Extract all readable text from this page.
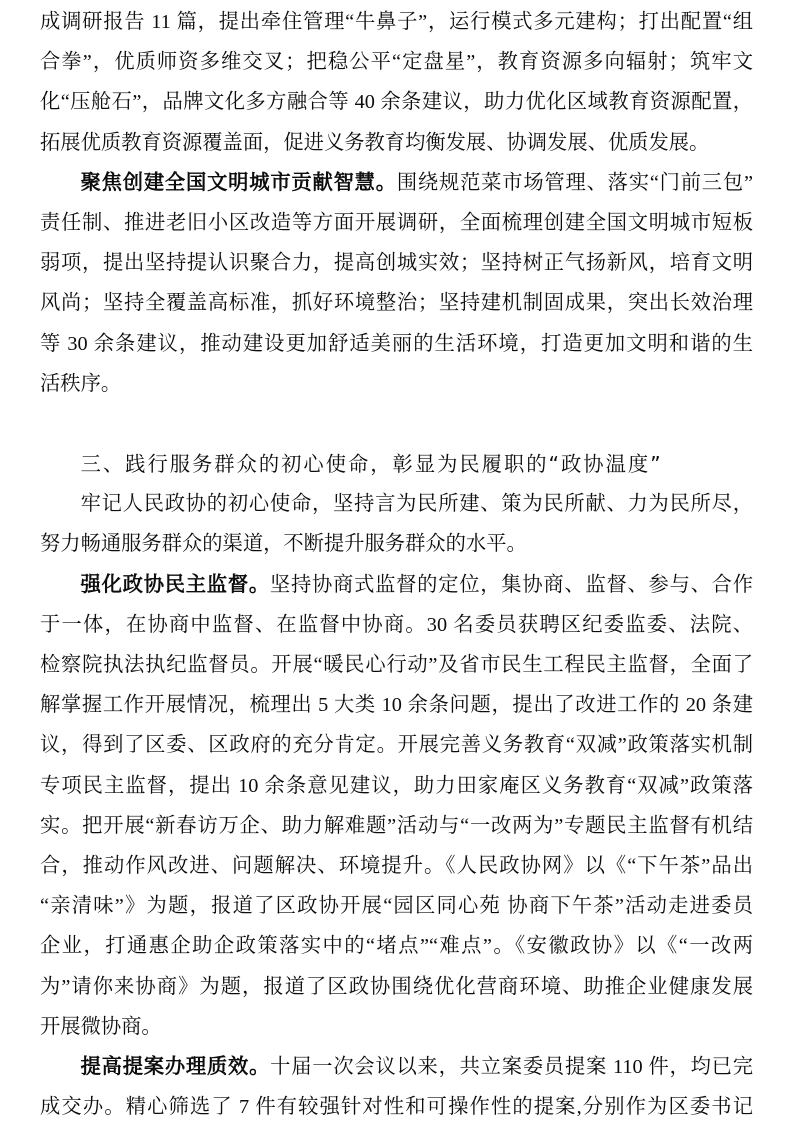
成调研报告 11 篇，提出牵住管理“牛鼻子”，运行模式多元建构；打出配置“组
合拳”，优质师资多维交叉；把稳公平“定盘星”，教育资源多向辐射；筑牢文
化“压舱石”，品牌文化多方融合等 40 余条建议，助力优化区域教育资源配置，
拓展优质教育资源覆盖面，促进义务教育均衡发展、协调发展、优质发展。
聚焦创建全国文明城市贡献智慧。围绕规范菜市场管理、落实“门前三包”
责任制、推进老旧小区改造等方面开展调研，全面梳理创建全国文明城市短板
弱项，提出坚持提认识聚合力，提高创城实效；坚持树正气扬新风，培育文明
风尚；坚持全覆盖高标准，抓好环境整治；坚持建机制固成果，突出长效治理
等 30 余条建议，推动建设更加舒适美丽的生活环境，打造更加文明和谐的生
活秩序。
三、践行服务群众的初心使命，彰显为民履职的“政协温度”
牢记人民政协的初心使命，坚持言为民所建、策为民所献、力为民所尽，
努力畅通服务群众的渠道，不断提升服务群众的水平。
强化政协民主监督。坚持协商式监督的定位，集协商、监督、参与、合作
于一体，在协商中监督、在监督中协商。30 名委员获聘区纪委监委、法院、
检察院执法执纪监督员。开展“暖民心行动”及省市民生工程民主监督，全面了
解掌握工作开展情况，梳理出 5 大类 10 余条问题，提出了改进工作的 20 条建
议，得到了区委、区政府的充分肯定。开展完善义务教育“双减”政策落实机制
专项民主监督，提出 10 余条意见建议，助力田家庵区义务教育“双减”政策落
实。把开展“新春访万企、助力解难题”活动与“一改两为”专题民主监督有机结
合，推动作风改进、问题解决、环境提升。《人民政协网》以《“下午茶”品出
“亲清味”》为题，报道了区政协开展“园区同心苑 协商下午茶”活动走进委员
企业，打通惠企助企政策落实中的“堵点”“难点”。《安徽政协》以《“一改两
为”请你来协商》为题，报道了区政协围绕优化营商环境、助推企业健康发展
开展微协商。
提高提案办理质效。十届一次会议以来，共立案委员提案 110 件，均已完
成交办。精心筛选了 7 件有较强针对性和可操作性的提案,分别作为区委书记
